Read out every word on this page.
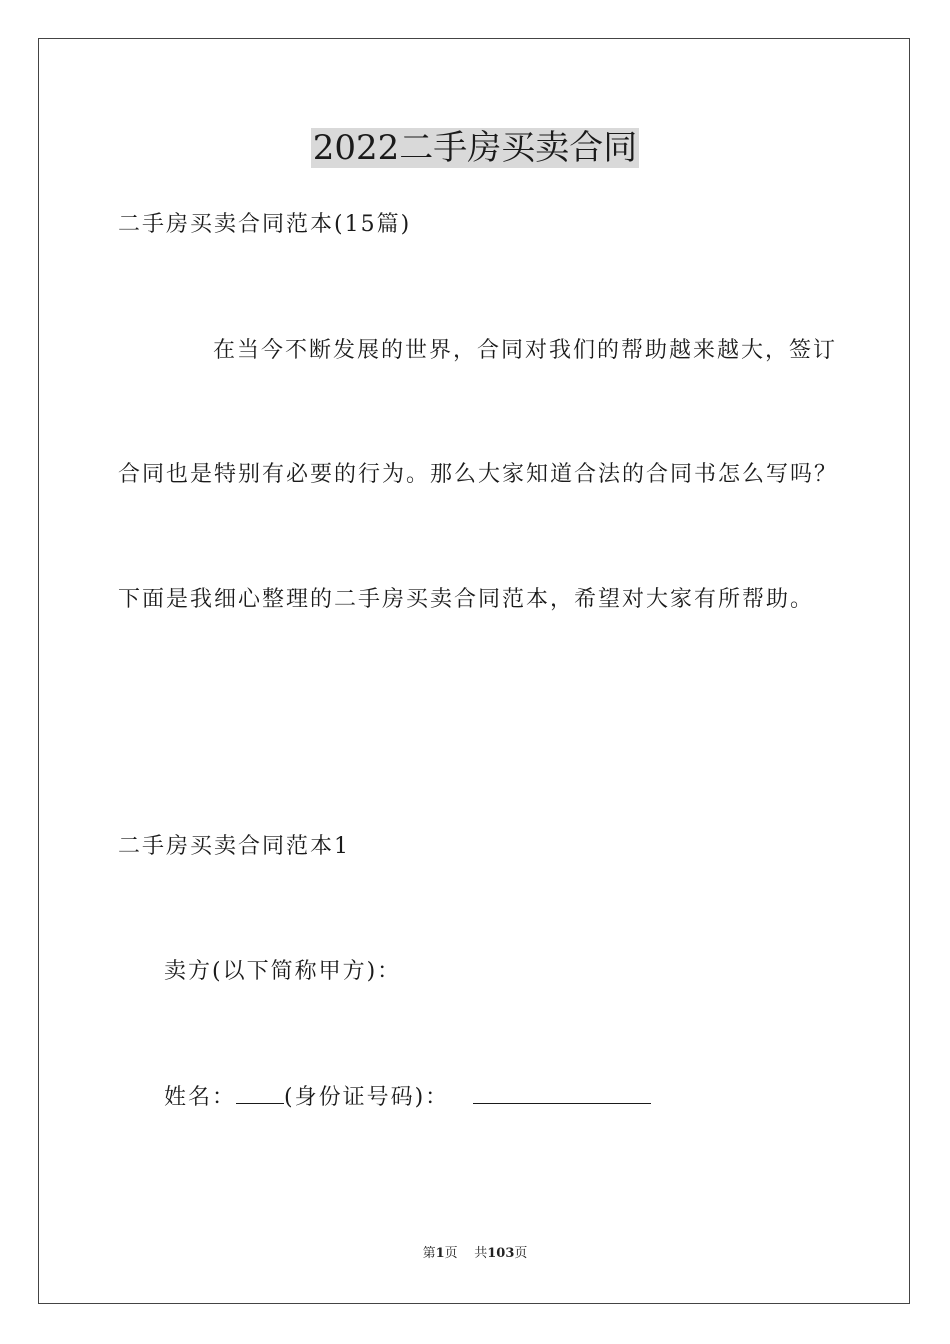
2022二手房买卖合同

二手房买卖合同范本(15篇)

在当今不断发展的世界，合同对我们的帮助越来越大，签订

合同也是特别有必要的行为。那么大家知道合法的合同书怎么写吗？

下面是我细心整理的二手房买卖合同范本，希望对大家有所帮助。

二手房买卖合同范本1

卖方(以下简称甲方)：

姓名： (身份证号码)：

第1页 共103页
